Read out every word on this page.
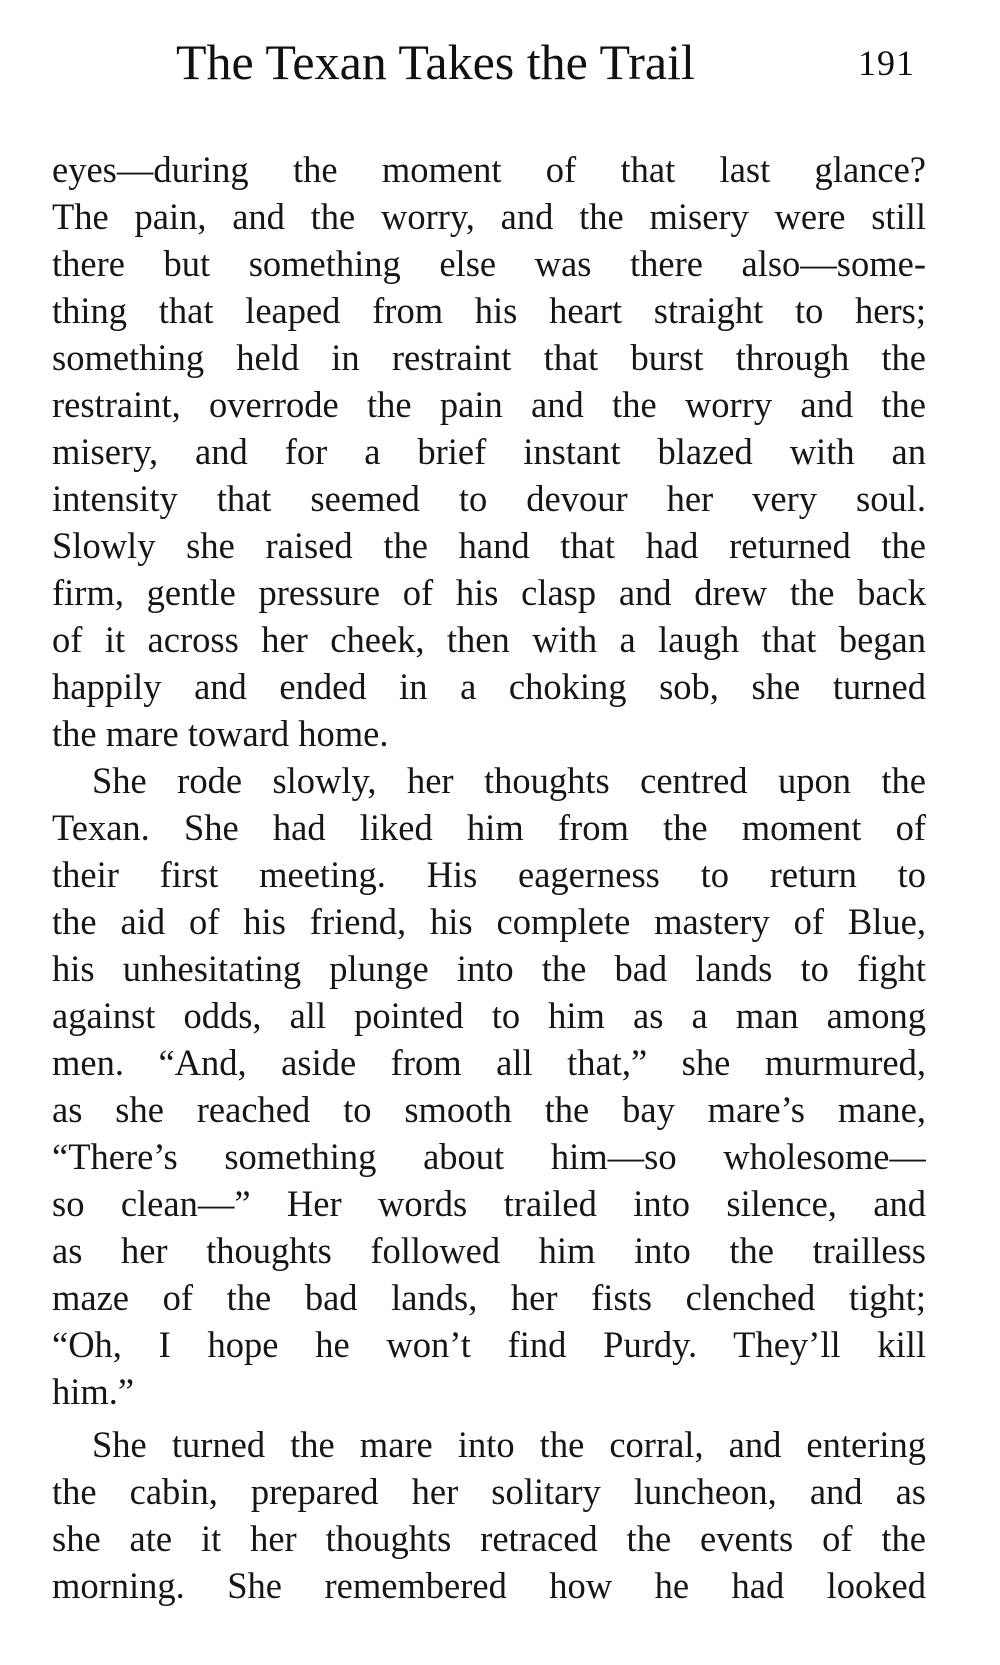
The Texan Takes the Trail	191
eyes—during the moment of that last glance?
The pain, and the worry, and the misery were still
there but something else was there also—some-
thing that leaped from his heart straight to hers;
something held in restraint that burst through the
restraint, overrode the pain and the worry and the
misery, and for a brief instant blazed with an
intensity that seemed to devour her very soul.
Slowly she raised the hand that had returned the
firm, gentle pressure of his clasp and drew the back
of it across her cheek, then with a laugh that began
happily and ended in a choking sob, she turned
the mare toward home.
She rode slowly, her thoughts centred upon the
Texan. She had liked him from the moment of
their first meeting. His eagerness to return to
the aid of his friend, his complete mastery of Blue,
his unhesitating plunge into the bad lands to fight
against odds, all pointed to him as a man among
men. “And, aside from all that,” she murmured,
as she reached to smooth the bay mare’s mane,
“There’s something about him—so wholesome—
so clean—” Her words trailed into silence, and
as her thoughts followed him into the trailless
maze of the bad lands, her fists clenched tight;
“Oh, I hope he won’t find Purdy. They’ll kill
him.”
She turned the mare into the corral, and entering
the cabin, prepared her solitary luncheon, and as
she ate it her thoughts retraced the events of the
morning. She remembered how he had looked
